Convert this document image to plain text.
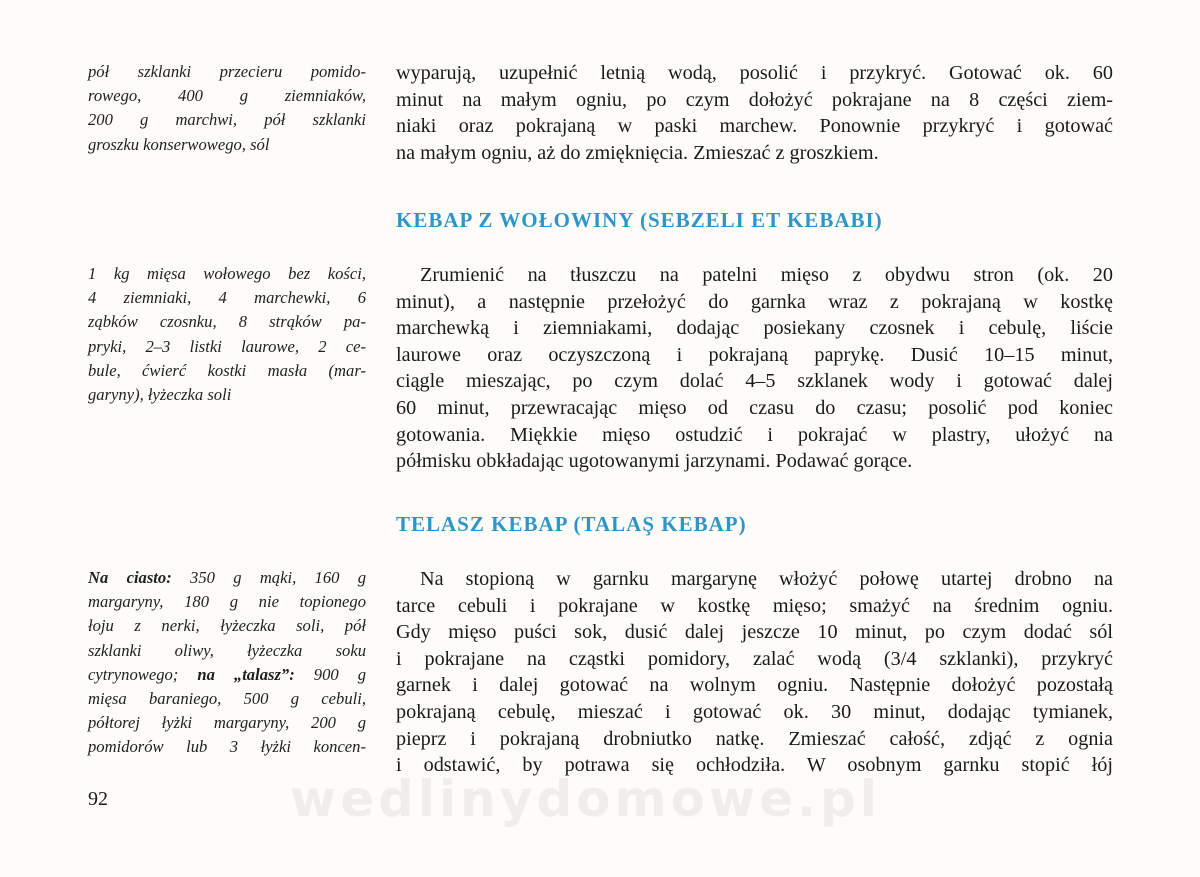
pół szklanki przecieru pomido-
rowego, 400 g ziemniaków,
200 g marchwi, pół szklanki
groszku konserwowego, sól
wyparują, uzupełnić letnią wodą, posolić i przykryć. Gotować ok. 60
minut na małym ogniu, po czym dołożyć pokrajane na 8 części ziem-
niaki oraz pokrajaną w paski marchew. Ponownie przykryć i gotować
na małym ogniu, aż do zmięknięcia. Zmieszać z groszkiem.
KEBAP Z WOŁOWINY (SEBZELI ET KEBABI)
1 kg mięsa wołowego bez kości,
4 ziemniaki, 4 marchewki, 6
ząbków czosnku, 8 strąków pa-
pryki, 2–3 listki laurowe, 2 ce-
bule, ćwierć kostki masła (mar-
garyny), łyżeczka soli
Zrumienić na tłuszczu na patelni mięso z obydwu stron (ok. 20
minut), a następnie przełożyć do garnka wraz z pokrajaną w kostkę
marchewką i ziemniakami, dodając posiekany czosnek i cebulę, liście
laurowe oraz oczyszczoną i pokrajaną paprykę. Dusić 10–15 minut,
ciągle mieszając, po czym dolać 4–5 szklanek wody i gotować dalej
60 minut, przewracając mięso od czasu do czasu; posolić pod koniec
gotowania. Miękkie mięso ostudzić i pokrajać w plastry, ułożyć na
półmisku obkładając ugotowanymi jarzynami. Podawać gorące.
TELASZ KEBAP (TALAŞ KEBAP)
Na ciasto: 350 g mąki, 160 g
margaryny, 180 g nie topionego
łoju z nerki, łyżeczka soli, pół
szklanki oliwy, łyżeczka soku
cytrynowego; na „talasz”: 900 g
mięsa baraniego, 500 g cebuli,
półtorej łyżki margaryny, 200 g
pomidorów lub 3 łyżki koncen-
Na stopioną w garnku margarynę włożyć połowę utartej drobno na
tarce cebuli i pokrajane w kostkę mięso; smażyć na średnim ogniu.
Gdy mięso puści sok, dusić dalej jeszcze 10 minut, po czym dodać sól
i pokrajane na cząstki pomidory, zalać wodą (3/4 szklanki), przykryć
garnek i dalej gotować na wolnym ogniu. Następnie dołożyć pozostałą
pokrajaną cebulę, mieszać i gotować ok. 30 minut, dodając tymianek,
pieprz i pokrajaną drobniutko natkę. Zmieszać całość, zdjąć z ognia
i odstawić, by potrawa się ochłodziła. W osobnym garnku stopić łój
92	wedlinydomowe.pl
